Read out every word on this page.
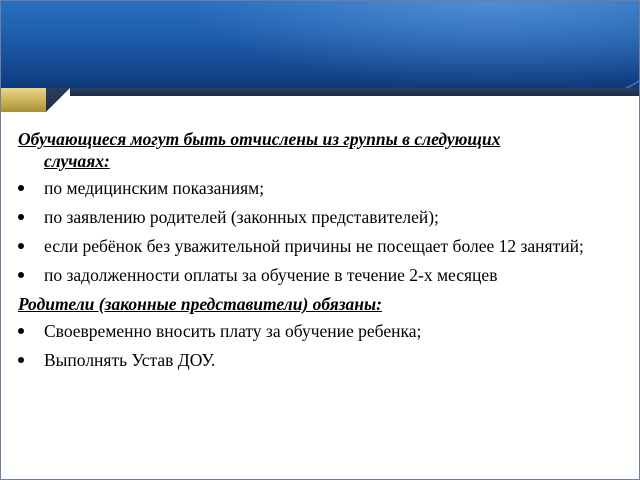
Обучающиеся могут быть отчислены из группы в следующих
случаях:

по медицинским показаниям;
по заявлению родителей (законных представителей);
если ребёнок без уважительной причины не посещает более 12 занятий;
по задолженности оплаты за обучение в течение 2-х месяцев

Родители (законные представители) обязаны:

Своевременно вносить плату за обучение ребенка;
Выполнять Устав ДОУ.
